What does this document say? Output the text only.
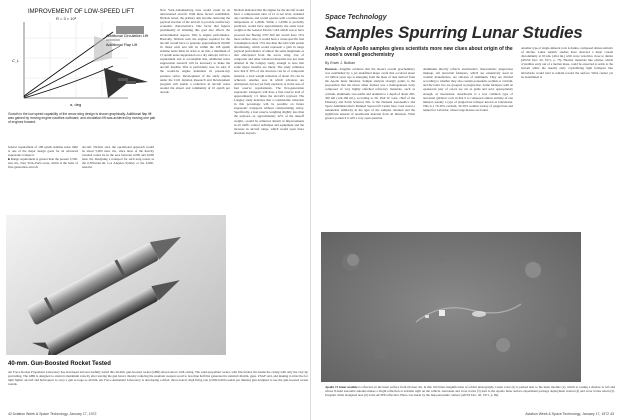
IMPROVEMENT OF LOW-SPEED LIFT
R = 3 × 10⁶
Additional Circulation Lift
Additional Flap Lift
C_L
α, deg
Growth in the low speed capability of the arrow wing design is shown graphically. Additional flap lift was gained by moving engine nacelles outboard, and circulation lift was achieved by moving one pair of engines forward.
federal requirement of 108 epndb sideline noise limit is one of the major design goals for an advanced supersonic transport.
■ Range requirement is greater than the present 3,500-nau. mi., New York–Paris route, which is the basis of first-generation aircraft.
aircraft. Nichols said, the operational approach would be about 5,000 naut. mi., since most of the heavily traveled routes lie in the area between 4,000 and 6,000 naut. mi. Designing a transport for such long routes as the 6,500-naut.mi. Los Angeles–Sydney or the 6,900-naut.mi.
New York–Johannesburg runs would result in an unwarranted aircraft. With these factors established, Nichols noted, the primary aim became removing the payload fraction of the aircraft to provide satisfactory economic characteristics. One factor that figures prominently in attaining this goal also affects the environmental aspects. This is engine performance. Basically, Nichols said, the engines required for the aircraft would have to generate approximately 60,000 lb. thrust each and still be within the 108 epndb sideline noise limit. In order to do this, a minimum of 15 epndb noise suppression on a dry turbojet will be a requirement and to accomplish this, additional noise suppression research will be necessary to make the aircraft feasible. This is particularly true, he said, if the would-be engine maintains its present-day pressure ratios. Development of the study engine under the Civil Aviation Research and Development program will enable a reduction in aircraft noise around the airport and community of 10 epndb per decade.
Nichols indicated that the engine for the aircraft would have a compression ratio of 12 at sea level, standard day conditions, and would operate with a turbine inlet temperature of 1,200K. While a 1,200K is probably predicted, would have approximately the same basic weight as the General Electric GE4 which was to have powered the Boeing 2707-300 but would have 10% more airflow. Also, it would have a cruise specific fuel consumption about 15% less than the GE4 with partial afterburning, which would represent a gain in range payload performance of almost the same magnitude as that anticipated from the arrow wing. Use of composite and other advanced materials has not been detailed in the Langley study, enough to note that some major benefits are likely. The study estimates now that if 30% of the structure can be of composite material, a total weight reduction of about 4% can be achieved. Another area in which advances are anticipated, but not yet fully explored, is in the area of fuel reserve requirements. The first-generation supersonic transports will have a fuel reserve load of approximately 1.5 times the aircraft's payload. The Langley study indicates that a considerable reduction in this percentage will be possible on future supersonic transports without compromising safety. Specifically, a fuel reserve weighing slightly less than the payload—or approximately 42% of the takeoff weight—would be achieved. Result of improvements in air traffic control technique and equipment and the increase in aircraft range, which would open more alternate airports.
40-mm. Gun-Boosted Rocket Tested
Air Force Rocket Propulsion Laboratory has developed and successfully tested this 40-mm. gun-boosted rocket (GBR) shown above with casing. The solid-propellant rocket, with fins folded, fits inside the casing with only the very tip protruding. The GBR is designed to attain its maximum velocity after leaving the gun barrel, thereby reducing the resultant weapon recoil to less than half that generated in standard 40-mm. guns. USAF said, and making it attractive for light fighter aircraft and helicopters to carry a gun as large as 40 mm. Air Force Armament Laboratory is developing a rifled, throw-barrel, high firing rate (2,000-6,000 rounds per minute) gun designed to use the gun-boosted rocket rounds.
42 Aviation Week & Space Technology, January 17, 1972
Space Technology
Samples Spurring Lunar Studies
Analysis of Apollo samples gives scientists more new clues about origin of the moon's overall geochemistry
By Erwin J. Bulban
Houston—Tangible evidence that the moon's overall geochemistry was established by a yet undefined major event that occurred about 4.5 billion years ago is emerging from the mass of data derived from the Apollo lunar missions. Sample analysis strongly points to the proposition that the moon when formed was a homogeneous body composed of very highly enriched refractory materials, such as calcium, aluminum, rare-earths and uranium to a depth of about 200-300 km (124-186 mi.), according to Dr. Paul W. Gast, chief of the Planetary and Earth Sciences Div. at the National Aeronautics and Space Administration's Manned Spacecraft Center here. Gast noted a remarkable similarity in the ages of the samples returned and the significant amount of anorthosite material from all missions. What greater portion it is still a very open question.
Aluminum directly reflects anorthosite's characteristic plagioclase makeup. All terrestrial feldspars, which are extensively used in ceramic manufacture, are silicates of aluminum. They are divided according to whether they also contain potassium, sodium or calcium, and the latter two are grouped as plagioclase. Some feldspars with an opalescent play of colors are cut as gems and sold, appropriately enough, as moonstone. Anorthosite is a less common type of terrestrial gabbroic rock in that it is composed almost entirely of one mineral, usually a type of plagioclase feldspar known as labradorite. This is a 70-30% calcium, 30-30% sodium variety of plagioclase and named for Labrador, where large masses are found.
Another type of single-mineral rock is dunite, composed almost entirely of olivine. Lunar seismic studies have detected a lunar crustal discontinuity at 65 km. (40.4 mi.) with wave velocities close to dunite (AWST Dec. 20, 1971, p. 73). Heavier materials like olivine, which crystallize early out of a molten mass, could be expected to settle to the bottom while the usually early crystallizing light feldspars like labradorite would tend to remain toward the surface. What cannot yet be determined is
Apollo 15 lunar module is reflected on the lunar surface from 60 naut. mi. in this 100 times magnification of orbital photography. Lunar rover (2) is parked next to the lunar module (1), which is casting a shadow to left and whose 8-band stereotile antenna makes a bright reflection at extreme right on the vehicle. Astronaut and rover tracks (3) lead to the Apollo lunar surface experiment package deployment station (4) and rover tracks return (5). Irregular white elongated area (6) is the ALSEP reflection. Photo was made by the Itek panoramic camera (AWST Dec. 20, 1971, p. 69).
Aviation Week & Space Technology, January 17, 1972 43
